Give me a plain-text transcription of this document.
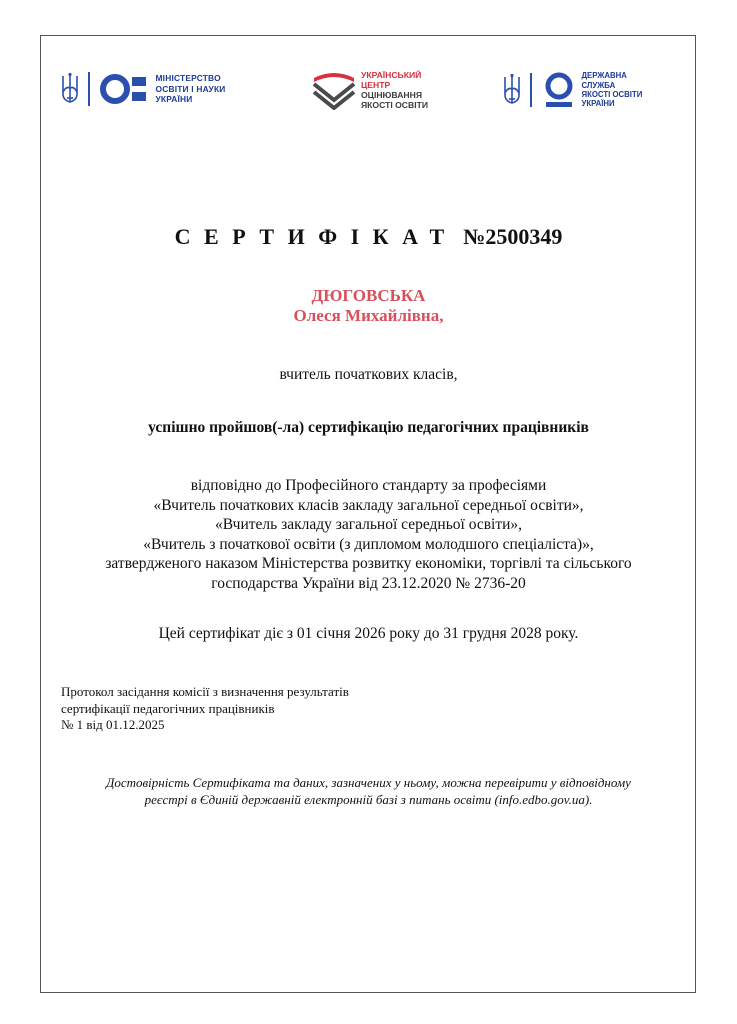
МІНІСТЕРСТВО
ОСВІТИ І НАУКИ
УКРАЇНИ
УКРАЇНСЬКИЙ
ЦЕНТР
ОЦІНЮВАННЯ
ЯКОСТІ ОСВІТИ
ДЕРЖАВНА
СЛУЖБА
ЯКОСТІ ОСВІТИ
УКРАЇНИ
СЕРТИФІКАТ №2500349
ДЮГОВСЬКА
Олеся Михайлівна,
вчитель початкових класів,
успішно пройшов(-ла) сертифікацію педагогічних працівників
відповідно до Професійного стандарту за професіями
«Вчитель початкових класів закладу загальної середньої освіти»,
«Вчитель закладу загальної середньої освіти»,
«Вчитель з початкової освіти (з дипломом молодшого спеціаліста)»,
затвердженого наказом Міністерства розвитку економіки, торгівлі та сільського
господарства України від 23.12.2020 № 2736-20
Цей сертифікат діє з 01 січня 2026 року до 31 грудня 2028 року.
Протокол засідання комісії з визначення результатів
сертифікації педагогічних працівників
№ 1 від 01.12.2025
Достовірність Сертифіката та даних, зазначених у ньому, можна перевірити у відповідному
реєстрі в Єдиній державній електронній базі з питань освіти (info.edbo.gov.ua).
